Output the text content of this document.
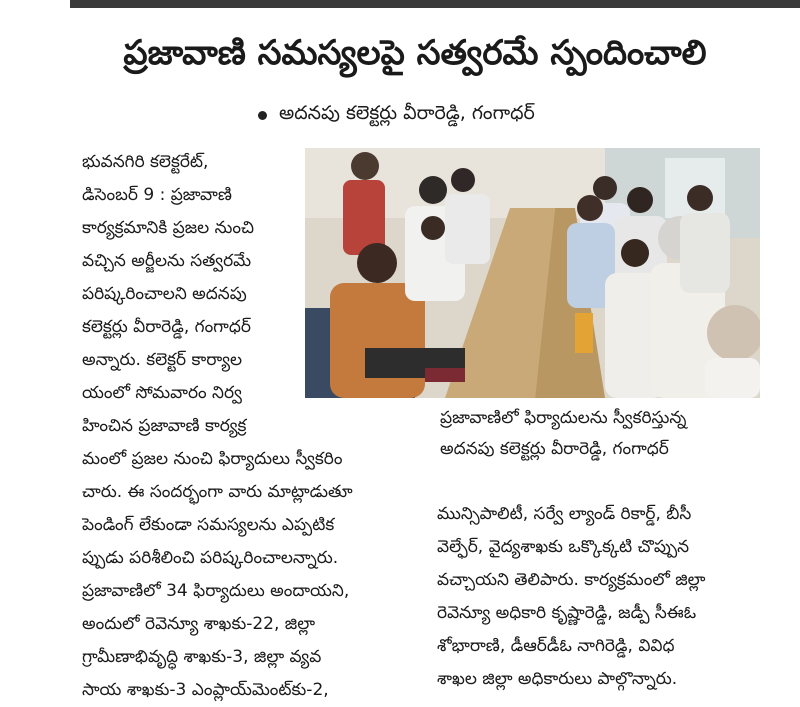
ప్రజావాణి సమస్యలపై సత్వరమే స్పందించాలి
అదనపు కలెక్టర్లు వీరారెడ్డి, గంగాధర్
భువనగిరి కలెక్టరేట్,
డిసెంబర్ 9 : ప్రజావాణి
కార్యక్రమానికి ప్రజల నుంచి
వచ్చిన అర్జీలను సత్వరమే
పరిష్కరించాలని అదనపు
కలెక్టర్లు వీరారెడ్డి, గంగాధర్
అన్నారు. కలెక్టర్ కార్యాల
యంలో సోమవారం నిర్వ
హించిన ప్రజావాణి కార్యక్ర
మంలో ప్రజల నుంచి ఫిర్యాదులు స్వీకరిం
చారు. ఈ సందర్భంగా వారు మాట్లాడుతూ
పెండింగ్ లేకుండా సమస్యలను ఎప్పటిక
ప్పుడు పరిశీలించి పరిష్కరించాలన్నారు.
ప్రజావాణిలో 34 ఫిర్యాదులు అందాయని,
అందులో రెవెన్యూ శాఖకు-22, జిల్లా
గ్రామీణాభివృద్ధి శాఖకు-3, జిల్లా వ్యవ
సాయ శాఖకు-3 ఎంప్లాయ్‌మెంట్‌కు-2,
ప్రజావాణిలో ఫిర్యాదులను స్వీకరిస్తున్న
అదనపు కలెక్టర్లు వీరారెడ్డి, గంగాధర్
మున్సిపాలిటీ, సర్వే ల్యాండ్ రికార్డ్, బీసీ
వెల్ఫేర్, వైద్యశాఖకు ఒక్కొక్కటి చొప్పున
వచ్చాయని తెలిపారు. కార్యక్రమంలో జిల్లా
రెవెన్యూ అధికారి కృష్ణారెడ్డి, జడ్పీ సీఈఓ
శోభారాణి, డీఆర్‌డీఓ నాగిరెడ్డి, వివిధ
శాఖల జిల్లా అధికారులు పాల్గొన్నారు.
